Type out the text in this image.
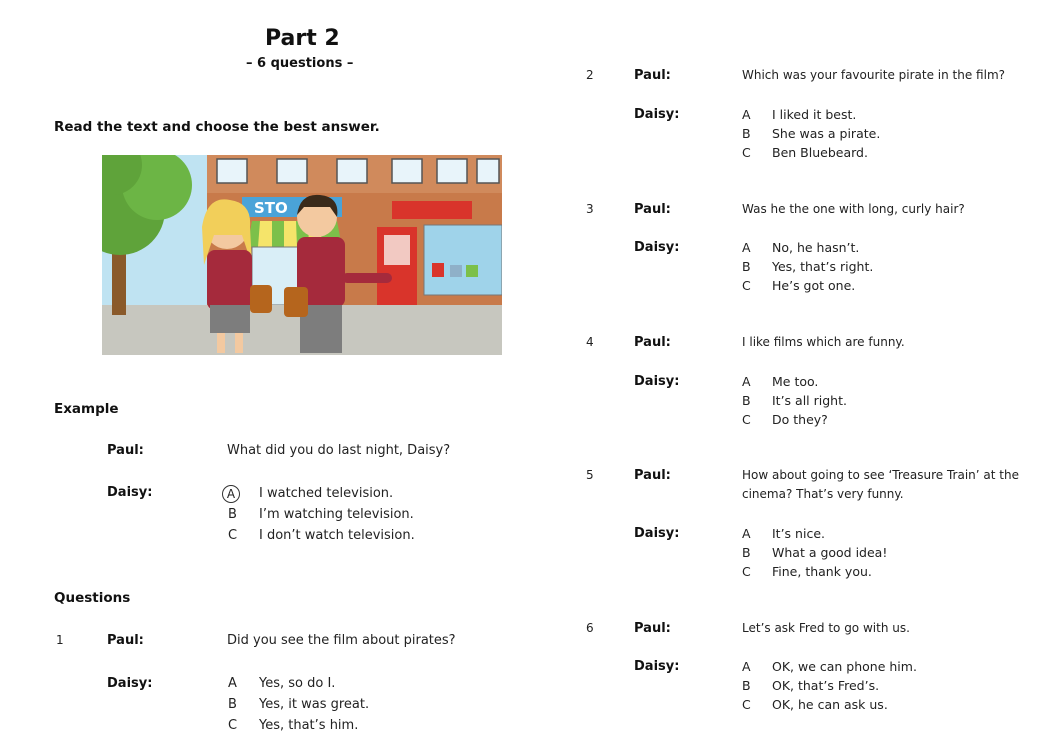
Part 2
– 6 questions –
Read the text and choose the best answer.
STO
Example
Paul:	What did you do last night, Daisy?
Daisy:	A	I watched television.
B I’m watching television.
C I don’t watch television.
Questions
1	Paul:	Did you see the film about pirates?
Daisy:	A Yes, so do I.
B Yes, it was great.
C Yes, that’s him.
2	Paul:	Which was your favourite pirate in the film?
Daisy:	A I liked it best.
B She was a pirate.
C Ben Bluebeard.
3	Paul:	Was he the one with long, curly hair?
Daisy:	A No, he hasn’t.
B Yes, that’s right.
C He’s got one.
4	Paul:	I like films which are funny.
Daisy:	A Me too.
B It’s all right.
C Do they?
5	Paul:	How about going to see ‘Treasure Train’ at the
cinema? That’s very funny.
Daisy:	A It’s nice.
B What a good idea!
C Fine, thank you.
6	Paul:	Let’s ask Fred to go with us.
Daisy:	A OK, we can phone him.
B OK, that’s Fred’s.
C OK, he can ask us.
